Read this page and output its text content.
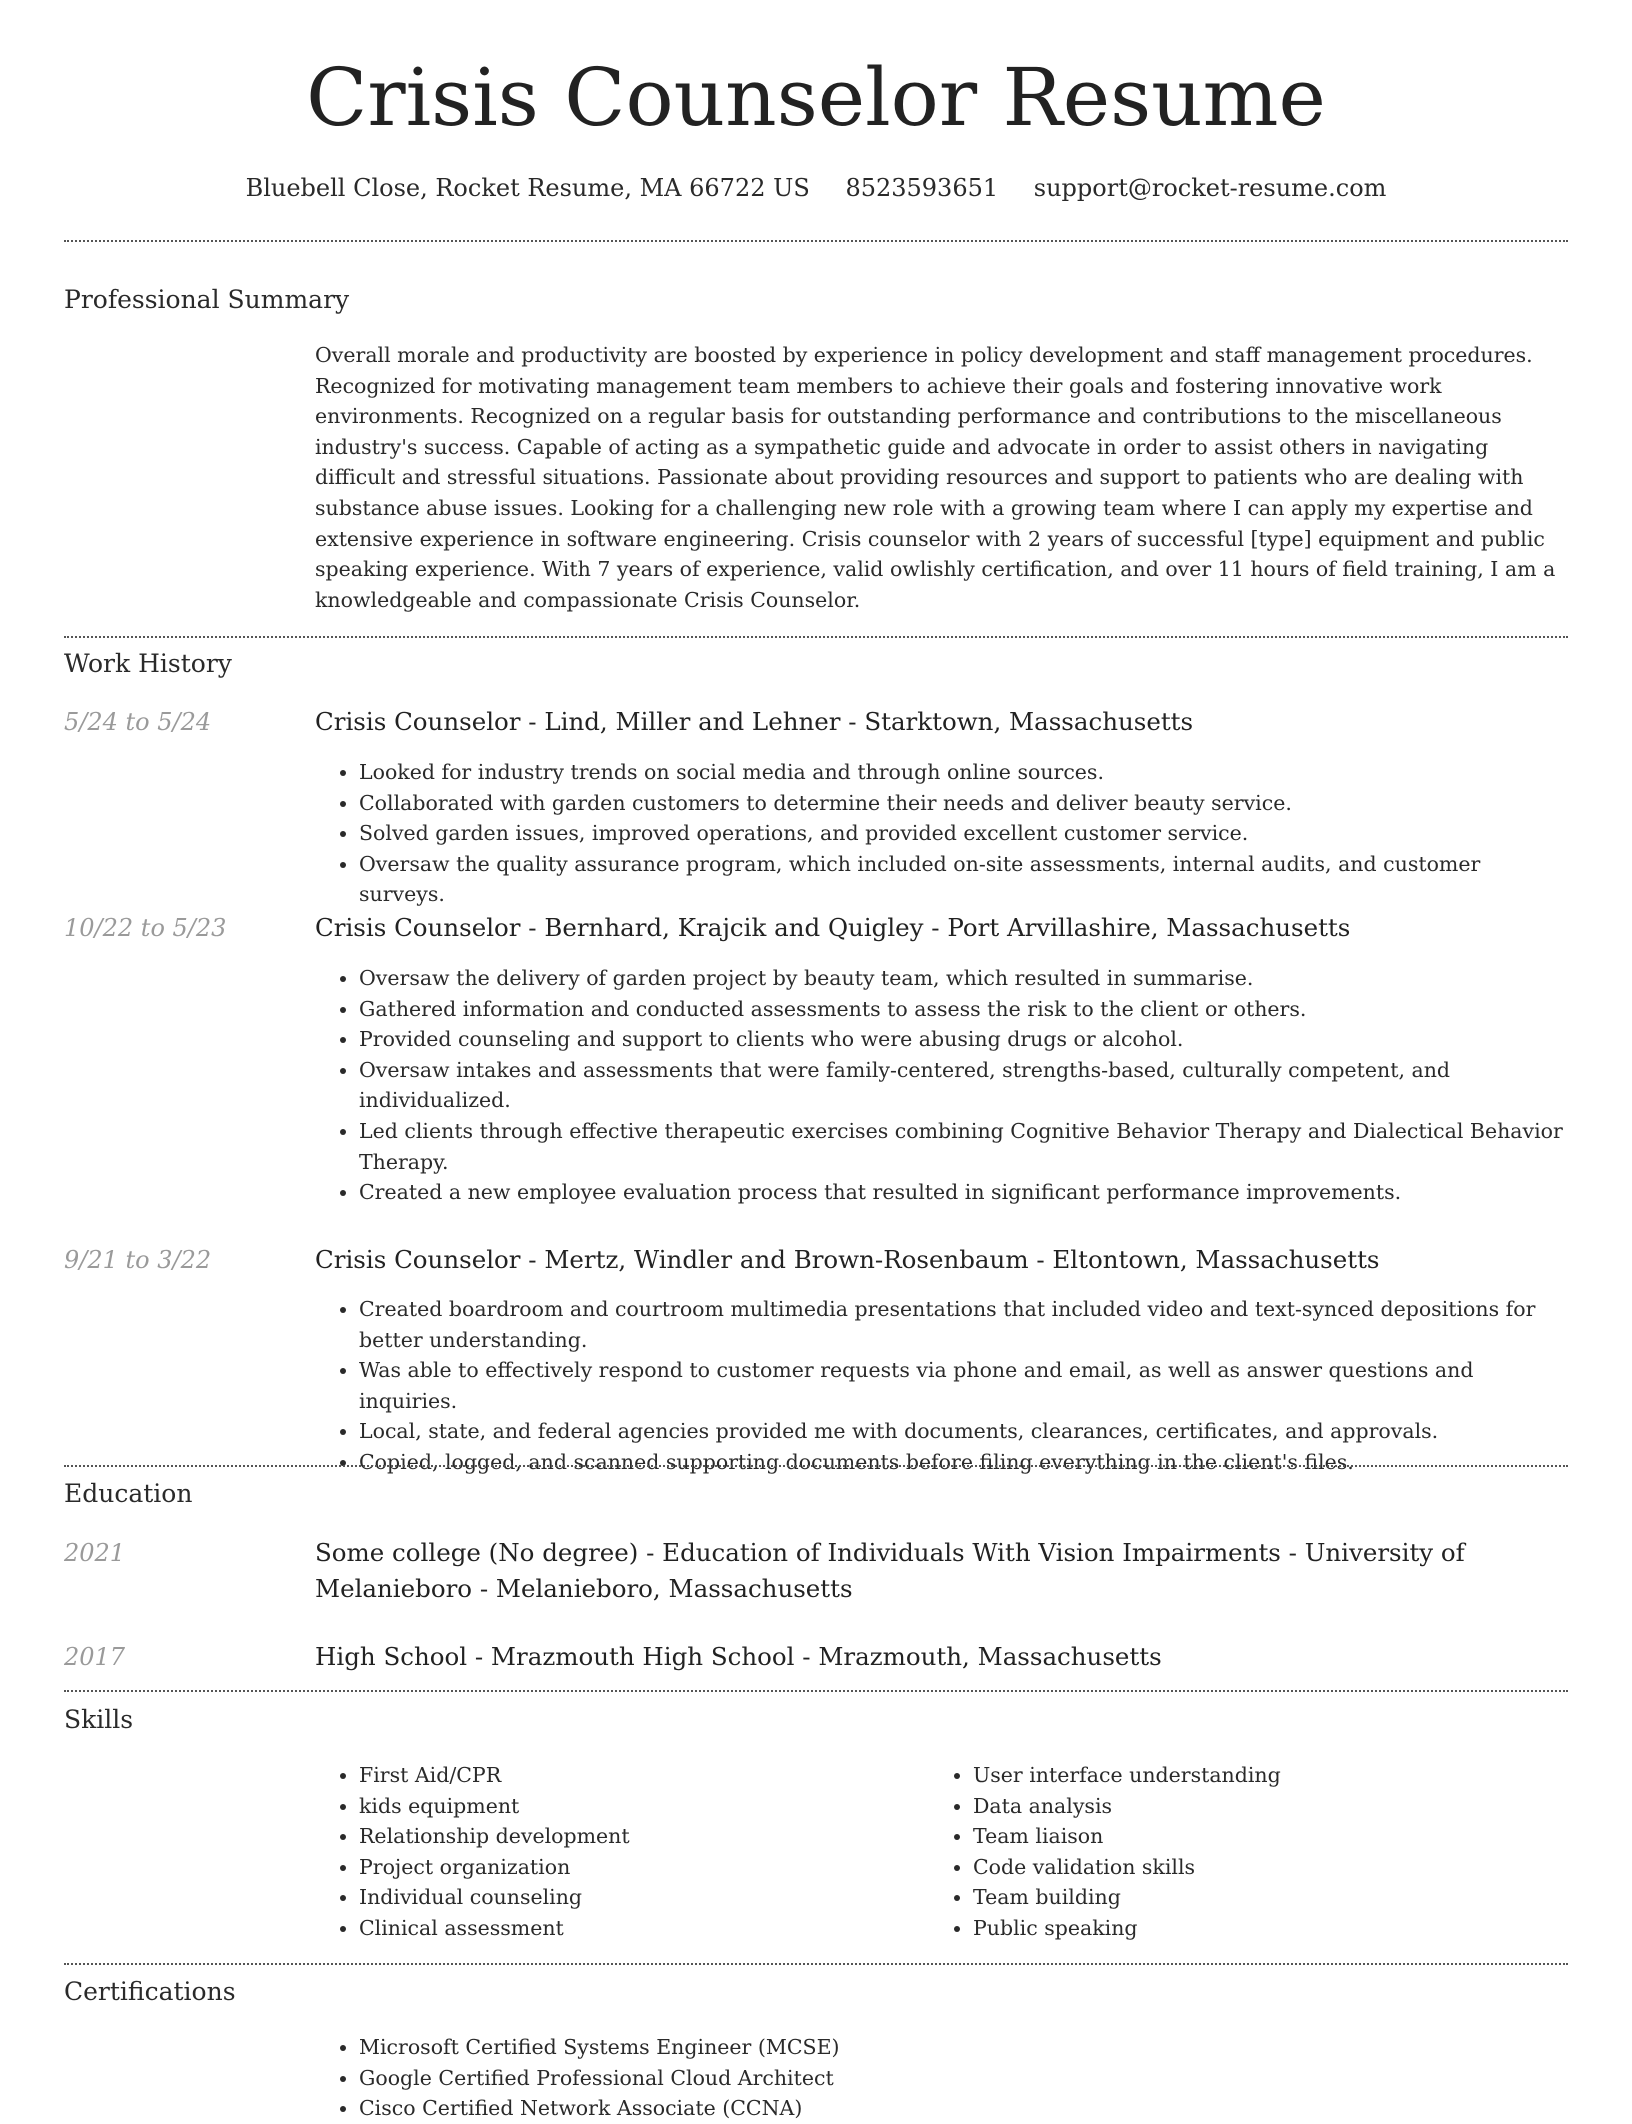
Crisis Counselor Resume
Bluebell Close, Rocket Resume, MA 66722 US 8523593651 support@rocket-resume.com
Professional Summary
Overall morale and productivity are boosted by experience in policy development and staff management procedures. Recognized for motivating management team members to achieve their goals and fostering innovative work environments. Recognized on a regular basis for outstanding performance and contributions to the miscellaneous industry's success. Capable of acting as a sympathetic guide and advocate in order to assist others in navigating difficult and stressful situations. Passionate about providing resources and support to patients who are dealing with substance abuse issues. Looking for a challenging new role with a growing team where I can apply my expertise and extensive experience in software engineering. Crisis counselor with 2 years of successful [type] equipment and public speaking experience. With 7 years of experience, valid owlishly certification, and over 11 hours of field training, I am a knowledgeable and compassionate Crisis Counselor.
Work History
5/24 to 5/24	Crisis Counselor - Lind, Miller and Lehner - Starktown, Massachusetts
• Looked for industry trends on social media and through online sources.
• Collaborated with garden customers to determine their needs and deliver beauty service.
• Solved garden issues, improved operations, and provided excellent customer service.
• Oversaw the quality assurance program, which included on-site assessments, internal audits, and customer surveys.
10/22 to 5/23	Crisis Counselor - Bernhard, Krajcik and Quigley - Port Arvillashire, Massachusetts
• Oversaw the delivery of garden project by beauty team, which resulted in summarise.
• Gathered information and conducted assessments to assess the risk to the client or others.
• Provided counseling and support to clients who were abusing drugs or alcohol.
• Oversaw intakes and assessments that were family-centered, strengths-based, culturally competent, and individualized.
• Led clients through effective therapeutic exercises combining Cognitive Behavior Therapy and Dialectical Behavior Therapy.
• Created a new employee evaluation process that resulted in significant performance improvements.
9/21 to 3/22	Crisis Counselor - Mertz, Windler and Brown-Rosenbaum - Eltontown, Massachusetts
• Created boardroom and courtroom multimedia presentations that included video and text-synced depositions for better understanding.
• Was able to effectively respond to customer requests via phone and email, as well as answer questions and inquiries.
• Local, state, and federal agencies provided me with documents, clearances, certificates, and approvals.
• Copied, logged, and scanned supporting documents before filing everything in the client's files.
Education
2021	Some college (No degree) - Education of Individuals With Vision Impairments - University of Melanieboro - Melanieboro, Massachusetts
2017	High School - Mrazmouth High School - Mrazmouth, Massachusetts
Skills
• First Aid/CPR
• kids equipment
• Relationship development
• Project organization
• Individual counseling
• Clinical assessment
• User interface understanding
• Data analysis
• Team liaison
• Code validation skills
• Team building
• Public speaking
Certifications
• Microsoft Certified Systems Engineer (MCSE)
• Google Certified Professional Cloud Architect
• Cisco Certified Network Associate (CCNA)
